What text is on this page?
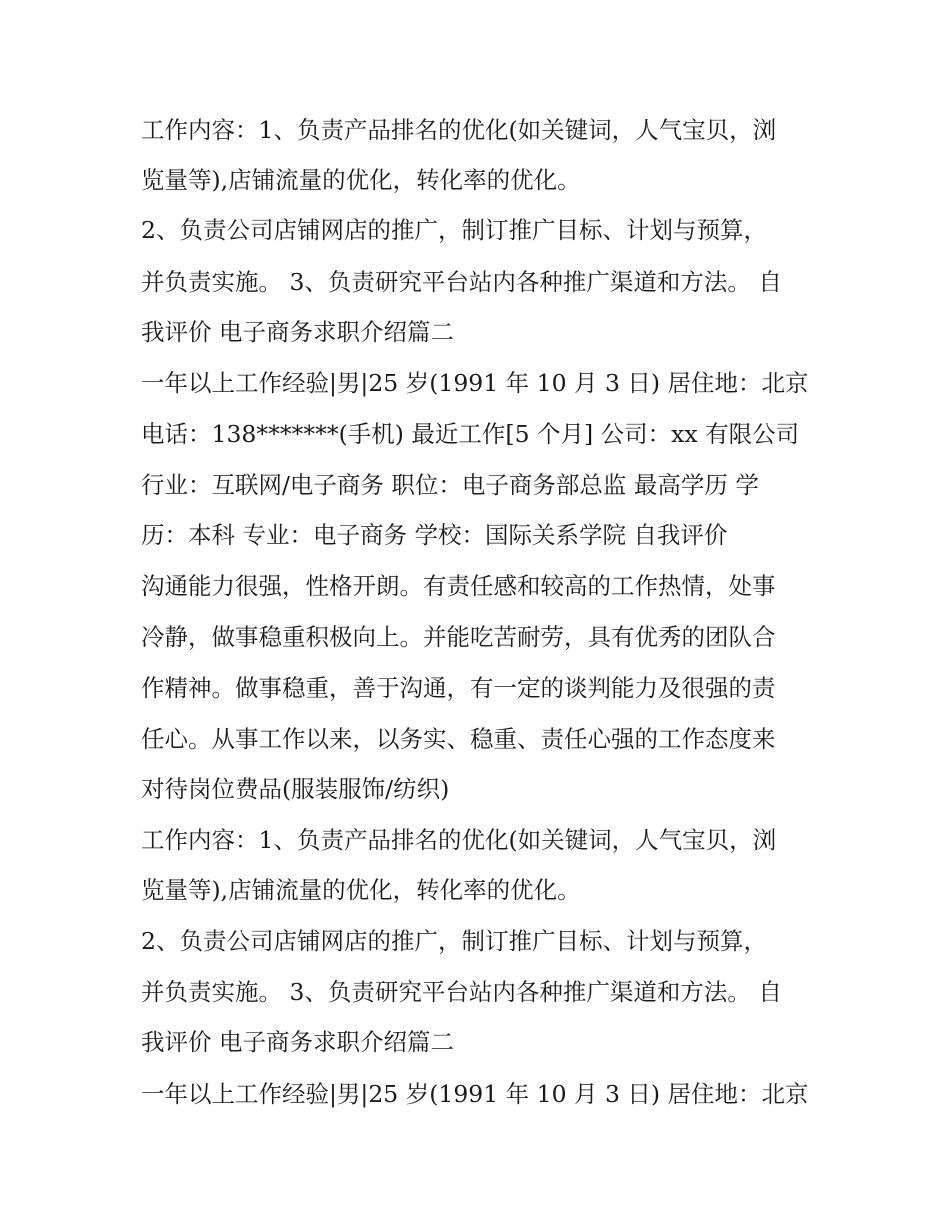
工作内容：1、负责产品排名的优化(如关键词，人气宝贝，浏
览量等),店铺流量的优化，转化率的优化。
2、负责公司店铺网店的推广，制订推广目标、计划与预算，
并负责实施。 3、负责研究平台站内各种推广渠道和方法。 自
我评价 电子商务求职介绍篇二
一年以上工作经验|男|25 岁(1991 年 10 月 3 日) 居住地：北京
电话：138*******(手机) 最近工作[5 个月] 公司：xx 有限公司
行业：互联网/电子商务 职位：电子商务部总监 最高学历 学
历：本科 专业：电子商务 学校：国际关系学院 自我评价
沟通能力很强，性格开朗。有责任感和较高的工作热情，处事
冷静，做事稳重积极向上。并能吃苦耐劳，具有优秀的团队合
作精神。做事稳重，善于沟通，有一定的谈判能力及很强的责
任心。从事工作以来，以务实、稳重、责任心强的工作态度来
对待岗位费品(服装服饰/纺织)
工作内容：1、负责产品排名的优化(如关键词，人气宝贝，浏
览量等),店铺流量的优化，转化率的优化。
2、负责公司店铺网店的推广，制订推广目标、计划与预算，
并负责实施。 3、负责研究平台站内各种推广渠道和方法。 自
我评价 电子商务求职介绍篇二
一年以上工作经验|男|25 岁(1991 年 10 月 3 日) 居住地：北京
